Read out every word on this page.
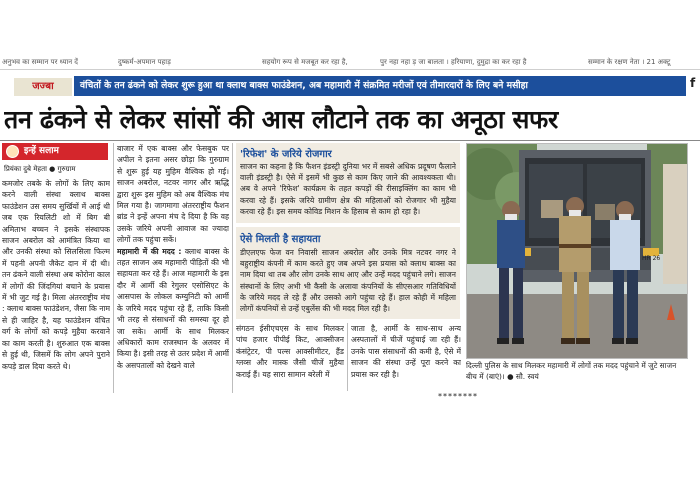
अनुभव का सम्मान पर ध्यान दें	दुष्कर्म-अपमान पहाड़	सहयोग रूप से मजबूत कर रहा है,	पुर नहा नहा ड़ जा बालता । हरियाणा, दुमुद्रा का कर रहा है	सम्मान के रक्षण नेता । 21 अक्टू
जज्बा	वंचितों के तन ढंकने को लेकर शुरू हुआ था क्लाथ बाक्स फाउंडेशन, अब महामारी में संक्रमित मरीजों एवं तीमारदारों के लिए बने मसीहा	f
तन ढंकने से लेकर सांसों की आस लौटाने तक का अनूठा सफर
इन्हें सलाम
प्रियंका दुबे मेहता ● गुरुग्राम

कमजोर तबके के लोगों के लिए काम करने वाली संस्था क्लाथ बाक्स फाउंडेशन उस समय सुर्खियों में आई थी जब एक रियलिटी शो में बिग बी अमिताभ बच्चन ने इसके संस्थापक साजन अबरोल को आमंत्रित किया था और उनकी संस्था को सिलसिला फिल्म में पहनी अपनी जैकेट दान में दी थी। तन ढंकने वाली संस्था अब कोरोना काल में लोगों की जिंदगियां बचाने के प्रयास में भी जुट गई है। मिला अंतरराष्ट्रीय मंच : क्लाथ बाक्स फाउंडेशन, जैसा कि नाम से ही जाहिर है, यह फाउंडेशन वंचित वर्ग के लोगों को कपड़े मुहैया करवाने का काम करती है। शुरुआत एक बाक्स से हुई थी, जिसमें कि लोग अपने पुराने कपड़े डाल दिया करते थे।

बाजार में एक बाक्स और फेसबुक पर अपील ने इतना असर छोड़ा कि गुरुग्राम से शुरू हुई यह मुहिम वैश्विक हो गई। साजन अबरोल, नटवर नागर और ऋद्धि द्वारा शुरू इस मुहिम को अब वैश्विक मंच मिल गया है। जागमागा अंतरराष्ट्रीय फैशन ब्रांड ने इन्हें अपना मंच दे दिया है कि वह उसके जरिये अपनी आवाज का ज्यादा लोगों तक पहुंचा सकें।

महामारी में की मदद : क्लाथ बाक्स के तहत साजन अब महामारी पीड़ितों की भी सहायता कर रहे हैं। आज महामारी के इस दौर में आर्मी की रेगुलर एसोसिएट के आसपास के लोकल कम्युनिटी को आर्मी के जरिये मदद पहुंचा रहे हैं, ताकि किसी भी तरह से संसाधनों की समस्या दूर हो जा सके। आर्मी के साथ मिलकर अधिकारों काम राजस्थान के अलवर में किया है। इसी तरह से उतर प्रदेश में आर्मी के असपतालों को देखने वाले

'रिफेश' के जरिये रोजगार
साजन का कहना है कि फैशन इंडस्ट्री दुनिया भर में सबसे अधिक प्रदूषण फैलाने वाली इंडस्ट्री है। ऐसे में इसमें भी कुछ से काम किए जाने की आवश्यकता थी। अब वे अपने 'रिफेश' कार्यक्रम के तहत कपड़ों की रीसाइक्लिंग का काम भी करवा रहे हैं। इसके जरिये ग्रामीण क्षेत्र की महिलाओं को रोजगार भी मुहैया करवा रहे हैं। इस समय कोविड मिशन के हिसाब से काम हो रहा है।
ऐसे मिलती है सहायता
डीएलएफ फेज वन निवासी साजन अबरोल और उनके मित्र नटवर नगर ने बहुराष्ट्रीय कंपनी में काम करते हुए जब अपने इस प्रयास को क्लाथ बाक्स का नाम दिया था तब और लोग उनके साथ आए और उन्हें मदद पहुंचाने लगे। साजन संस्थानों के लिए अभी भी कैसी के अलावा कंपनियों के सीएसआर गतिविधियों के जरिये मदद ले रहे हैं और उसको आगे पहुंचा रहे हैं। हाल कोही में महिला लोगों कंपनियों से उन्हें एबुलेंस की भी मदद मिल रही है।

संगठन ईसीएचएस के साथ मिलकर पांच हजार पीपीई किट, आक्सीजन कंसंट्रेटर, पी पल्स आक्सीमीटर, हैंड ग्लव्स और मास्क जैसी चीजें मुहैया कराई हैं। यह सारा सामान बरेली में

जाता है, आर्मी के साथ-साथ अन्य अस्पतालों में चीजें पहुंचाई जा रही हैं। उनके पास संसाधनों की कमी है, ऐसे में साजन की संस्था उन्हें पूरा करने का प्रयास कर रही है।

HR 26
दिल्ली पुलिस के साथ मिलकर महामारी में लोगों तक मदद पहुंचाने में जुटे साजन बीच में (बाएं)। ● सौ. स्वयं
********
